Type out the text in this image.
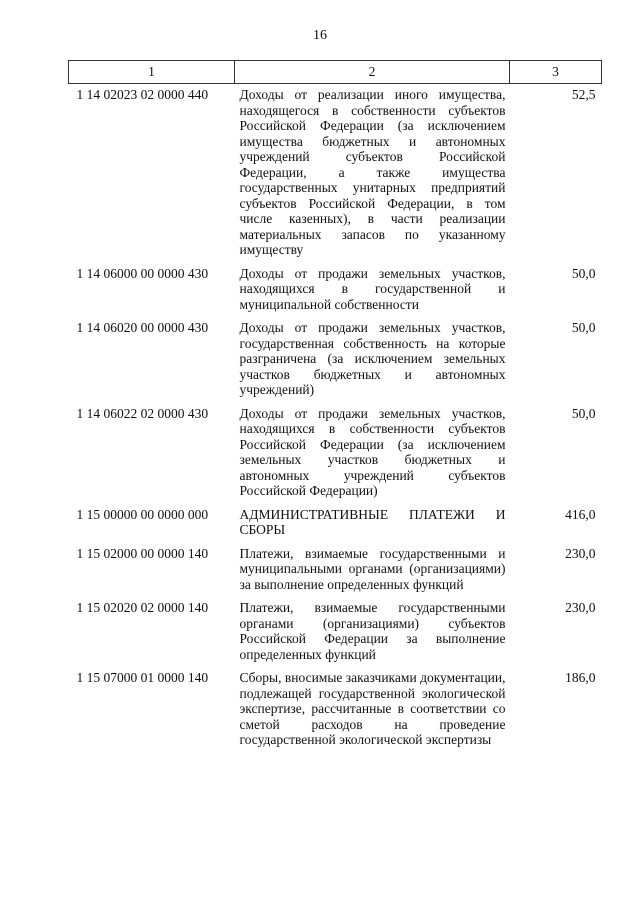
16
1	2	3
1 14 02023 02 0000 440	Доходы от реализации иного имущества, находящегося в собственности субъектов Российской Федерации (за исключением имущества бюджетных и автономных учреждений субъектов Российской Федерации, а также имущества государственных унитарных предприятий субъектов Российской Федерации, в том числе казенных), в части реализации материальных запасов по указанному имуществу	52,5
1 14 06000 00 0000 430	Доходы от продажи земельных участков, находящихся в государственной и муниципальной собственности	50,0
1 14 06020 00 0000 430	Доходы от продажи земельных участков, государственная собственность на которые разграничена (за исключением земельных участков бюджетных и автономных учреждений)	50,0
1 14 06022 02 0000 430	Доходы от продажи земельных участков, находящихся в собственности субъектов Российской Федерации (за исключением земельных участков бюджетных и автономных учреждений субъектов Российской Федерации)	50,0
1 15 00000 00 0000 000	АДМИНИСТРАТИВНЫЕ ПЛАТЕЖИ И СБОРЫ	416,0
1 15 02000 00 0000 140	Платежи, взимаемые государственными и муниципальными органами (организациями) за выполнение определенных функций	230,0
1 15 02020 02 0000 140	Платежи, взимаемые государственными органами (организациями) субъектов Российской Федерации за выполнение определенных функций	230,0
1 15 07000 01 0000 140	Сборы, вносимые заказчиками документации, подлежащей государственной экологической экспертизе, рассчитанные в соответствии со сметой расходов на проведение государственной экологической экспертизы	186,0
